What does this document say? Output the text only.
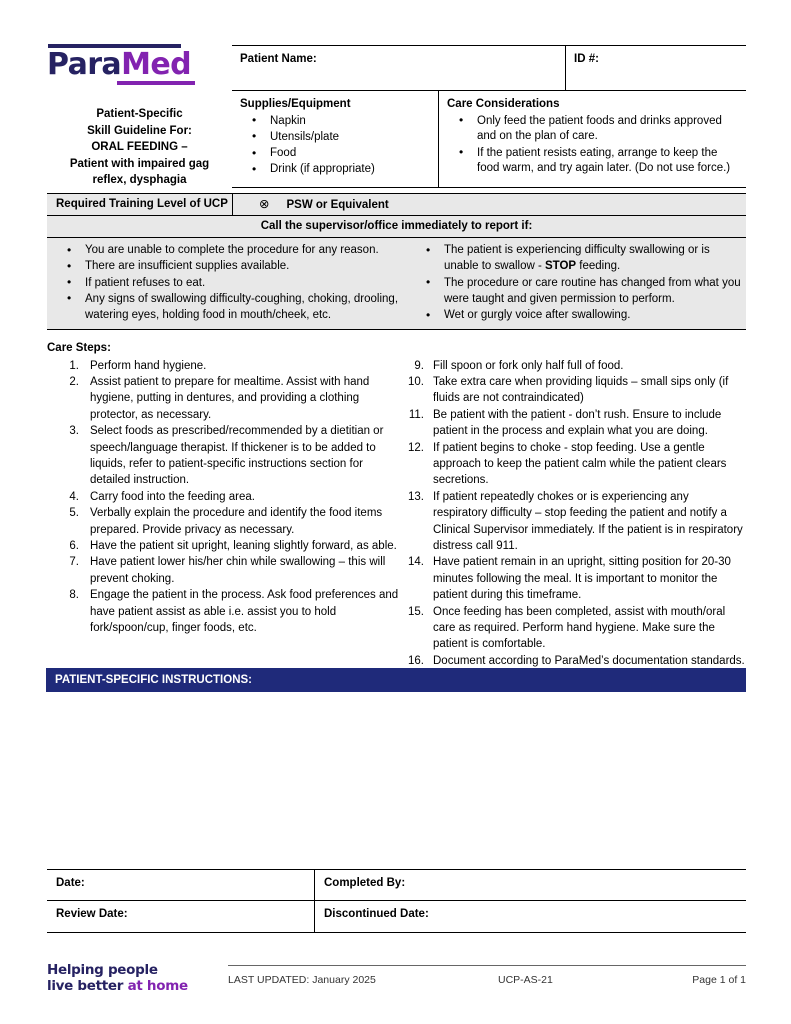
ParaMed
Patient-Specific
Skill Guideline For:
ORAL FEEDING –
Patient with impaired gag
reflex, dysphagia
Patient Name:	ID #:
Supplies/Equipment
• Napkin
• Utensils/plate
• Food
• Drink (if appropriate)
Care Considerations
• Only feed the patient foods and drinks approved and on the plan of care.
• If the patient resists eating, arrange to keep the food warm, and try again later. (Do not use force.)
Required Training Level of UCP	⊗ PSW or Equivalent
Call the supervisor/office immediately to report if:
• You are unable to complete the procedure for any reason.
• There are insufficient supplies available.
• If patient refuses to eat.
• Any signs of swallowing difficulty-coughing, choking, drooling, watering eyes, holding food in mouth/cheek, etc.
• The patient is experiencing difficulty swallowing or is unable to swallow - STOP feeding.
• The procedure or care routine has changed from what you were taught and given permission to perform.
• Wet or gurgly voice after swallowing.
Care Steps:
1. Perform hand hygiene.
2. Assist patient to prepare for mealtime. Assist with hand hygiene, putting in dentures, and providing a clothing protector, as necessary.
3. Select foods as prescribed/recommended by a dietitian or speech/language therapist. If thickener is to be added to liquids, refer to patient-specific instructions section for detailed instruction.
4. Carry food into the feeding area.
5. Verbally explain the procedure and identify the food items prepared. Provide privacy as necessary.
6. Have the patient sit upright, leaning slightly forward, as able.
7. Have patient lower his/her chin while swallowing – this will prevent choking.
8. Engage the patient in the process. Ask food preferences and have patient assist as able i.e. assist you to hold fork/spoon/cup, finger foods, etc.
9. Fill spoon or fork only half full of food.
10. Take extra care when providing liquids – small sips only (if fluids are not contraindicated)
11. Be patient with the patient - don’t rush. Ensure to include patient in the process and explain what you are doing.
12. If patient begins to choke - stop feeding. Use a gentle approach to keep the patient calm while the patient clears secretions.
13. If patient repeatedly chokes or is experiencing any respiratory difficulty – stop feeding the patient and notify a Clinical Supervisor immediately. If the patient is in respiratory distress call 911.
14. Have patient remain in an upright, sitting position for 20-30 minutes following the meal. It is important to monitor the patient during this timeframe.
15. Once feeding has been completed, assist with mouth/oral care as required. Perform hand hygiene. Make sure the patient is comfortable.
16. Document according to ParaMed’s documentation standards.
PATIENT-SPECIFIC INSTRUCTIONS:
Date:	Completed By:
Review Date:	Discontinued Date:
Helping people
live better at home	LAST UPDATED: January 2025	UCP-AS-21	Page 1 of 1
